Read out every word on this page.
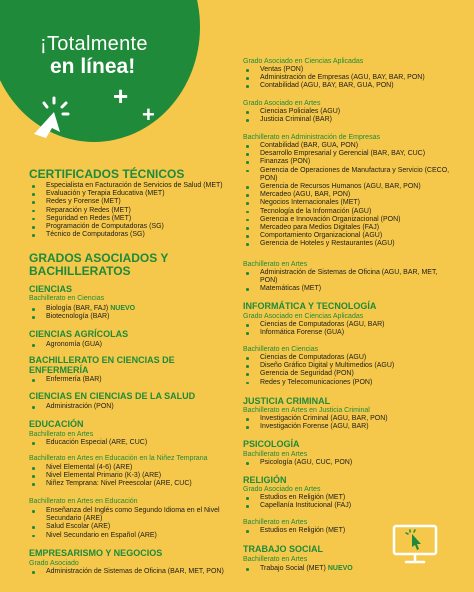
¡Totalmente
en línea!
+
+
CERTIFICADOS TÉCNICOS
Especialista en Facturación de Servicios de Salud (MET)
Evaluación y Terapia Educativa (MET)
Redes y Forense (MET)
Reparación y Redes (MET)
Seguridad en Redes (MET)
Programación de Computadoras (SG)
Técnico de Computadoras (SG)
GRADOS ASOCIADOS Y BACHILLERATOS
CIENCIAS
Bachillerato en Ciencias
Biología (BAR, FAJ) NUEVO
Biotecnología (BAR)
CIENCIAS AGRÍCOLAS
Agronomía (GUA)
BACHILLERATO EN CIENCIAS DE ENFERMERÍA
Enfermería (BAR)
CIENCIAS EN CIENCIAS DE LA SALUD
Administración (PON)
EDUCACIÓN
Bachillerato en Artes
Educación Especial (ARE, CUC)
Bachillerato en Artes en Educación en la Niñez Temprana
Nivel Elemental (4-6) (ARE)
Nivel Elemental Primario (K-3) (ARE)
Niñez Temprana: Nivel Preescolar (ARE, CUC)
Bachillerato en Artes en Educación
Enseñanza del Inglés como Segundo Idioma en el Nivel Secundario (ARE)
Salud Escolar (ARE)
Nivel Secundario en Español (ARE)
EMPRESARISMO Y NEGOCIOS
Grado Asociado
Administración de Sistemas de Oficina (BAR, MET, PON)
Grado Asociado en Ciencias Aplicadas
Ventas (PON)
Administración de Empresas (AGU, BAY, BAR, PON)
Contabilidad (AGU, BAY, BAR, GUA, PON)
Grado Asociado en Artes
Ciencias Policiales (AGU)
Justicia Criminal (BAR)
Bachillerato en Administración de Empresas
Contabilidad (BAR, GUA, PON)
Desarrollo Empresarial y Gerencial (BAR, BAY, CUC)
Finanzas (PON)
Gerencia de Operaciones de Manufactura y Servicio (CECO, PON)
Gerencia de Recursos Humanos (AGU, BAR, PON)
Mercadeo (AGU, BAR, PON)
Negocios Internacionales (MET)
Tecnología de la Información (AGU)
Gerencia e Innovación Organizacional (PON)
Mercadeo para Medios Digitales (FAJ)
Comportamiento Organizacional (AGU)
Gerencia de Hoteles y Restaurantes (AGU)
Bachillerato en Artes
Administración de Sistemas de Oficina (AGU, BAR, MET, PON)
Matemáticas (MET)
INFORMÁTICA Y TECNOLOGÍA
Grado Asociado en Ciencias Aplicadas
Ciencias de Computadoras (AGU, BAR)
Informática Forense (GUA)
Bachillerato en Ciencias
Ciencias de Computadoras (AGU)
Diseño Gráfico Digital y Multimedios (AGU)
Gerencia de Seguridad (PON)
Redes y Telecomunicaciones (PON)
JUSTICIA CRIMINAL
Bachillerato en Artes en Justicia Criminal
Investigación Criminal (AGU, BAR, PON)
Investigación Forense (AGU, BAR)
PSICOLOGÍA
Bachillerato en Artes
Psicología (AGU, CUC, PON)
RELIGIÓN
Grado Asociado en Artes
Estudios en Religión (MET)
Capellanía Institucional (FAJ)
Bachillerato en Artes
Estudios en Religión (MET)
TRABAJO SOCIAL
Bachillerato en Artes
Trabajo Social (MET) NUEVO
